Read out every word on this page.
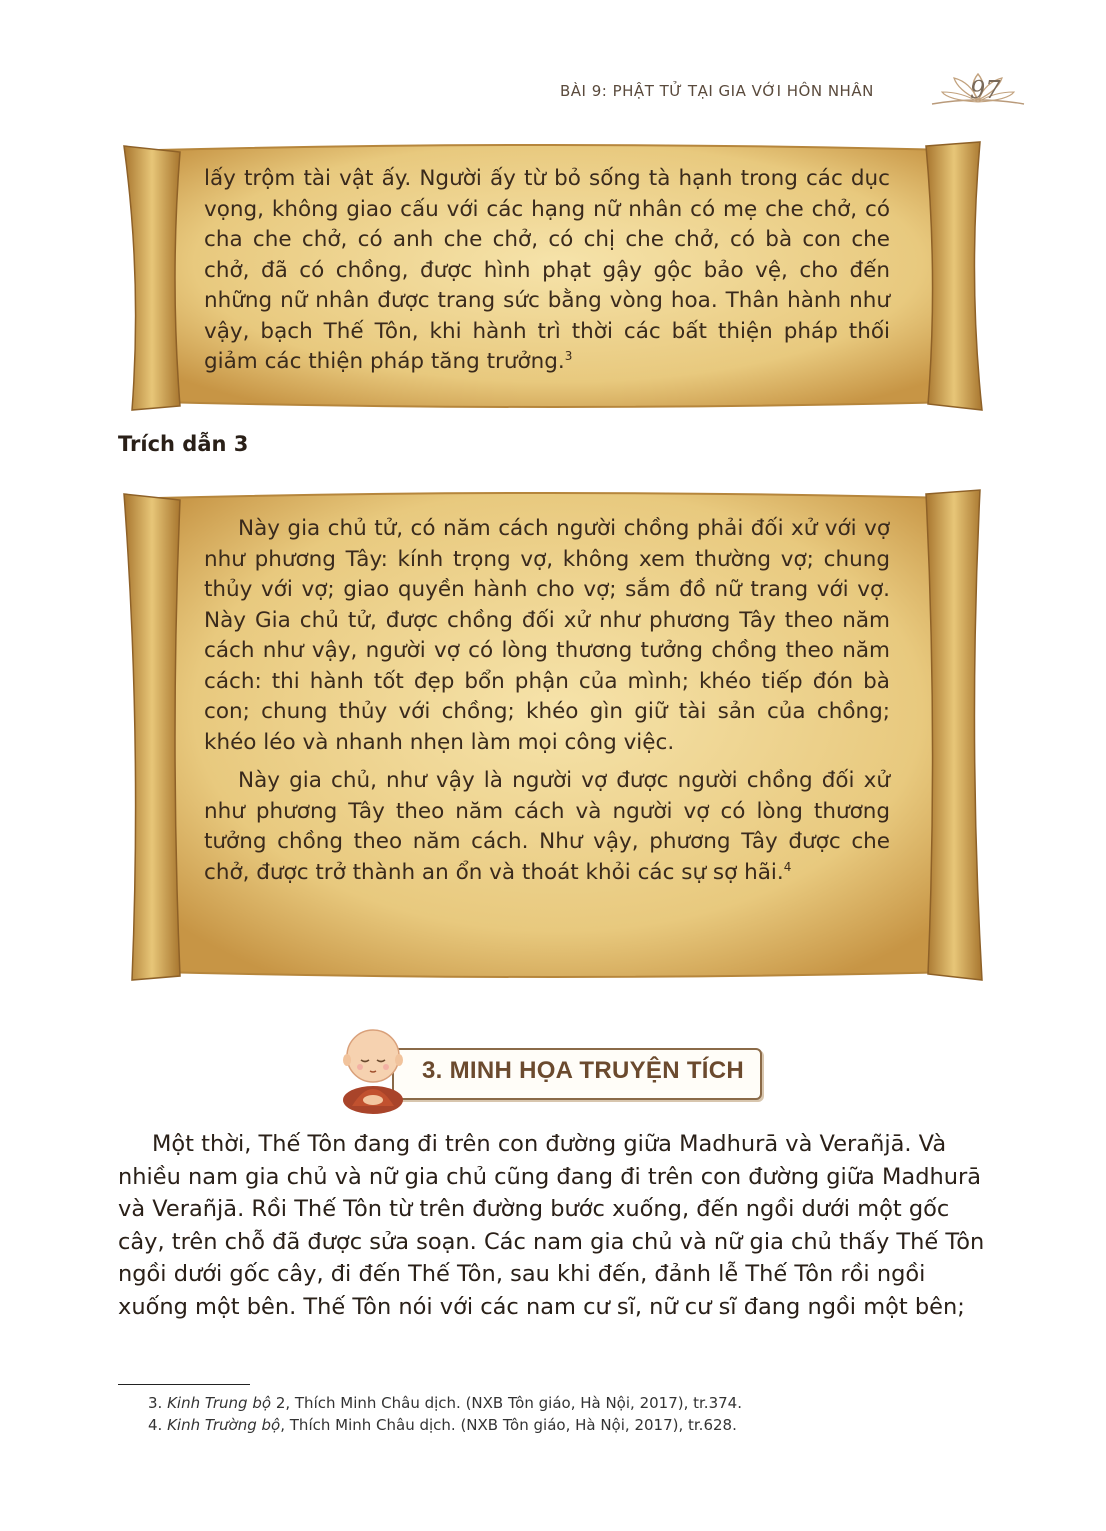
BÀI 9: PHẬT TỬ TẠI GIA VỚI HÔN NHÂN	97

lấy trộm tài vật ấy. Người ấy từ bỏ sống tà hạnh trong các dục vọng, không giao cấu với các hạng nữ nhân có mẹ che chở, có cha che chở, có anh che chở, có chị che chở, có bà con che chở, đã có chồng, được hình phạt gậy gộc bảo vệ, cho đến những nữ nhân được trang sức bằng vòng hoa. Thân hành như vậy, bạch Thế Tôn, khi hành trì thời các bất thiện pháp thối giảm các thiện pháp tăng trưởng.$^3$

Trích dẫn 3

Này gia chủ tử, có năm cách người chồng phải đối xử với vợ như phương Tây: kính trọng vợ, không xem thường vợ; chung thủy với vợ; giao quyền hành cho vợ; sắm đồ nữ trang với vợ. Này Gia chủ tử, được chồng đối xử như phương Tây theo năm cách như vậy, người vợ có lòng thương tưởng chồng theo năm cách: thi hành tốt đẹp bổn phận của mình; khéo tiếp đón bà con; chung thủy với chồng; khéo gìn giữ tài sản của chồng; khéo léo và nhanh nhẹn làm mọi công việc.

Này gia chủ, như vậy là người vợ được người chồng đối xử như phương Tây theo năm cách và người vợ có lòng thương tưởng chồng theo năm cách. Như vậy, phương Tây được che chở, được trở thành an ổn và thoát khỏi các sự sợ hãi.$^4$

3. MINH HỌA TRUYỆN TÍCH

Một thời, Thế Tôn đang đi trên con đường giữa Madhurā và Verañjā. Và nhiều nam gia chủ và nữ gia chủ cũng đang đi trên con đường giữa Madhurā và Verañjā. Rồi Thế Tôn từ trên đường bước xuống, đến ngồi dưới một gốc cây, trên chỗ đã được sửa soạn. Các nam gia chủ và nữ gia chủ thấy Thế Tôn ngồi dưới gốc cây, đi đến Thế Tôn, sau khi đến, đảnh lễ Thế Tôn rồi ngồi xuống một bên. Thế Tôn nói với các nam cư sĩ, nữ cư sĩ đang ngồi một bên;

3. Kinh Trung bộ 2, Thích Minh Châu dịch. (NXB Tôn giáo, Hà Nội, 2017), tr.374.
4. Kinh Trường bộ, Thích Minh Châu dịch. (NXB Tôn giáo, Hà Nội, 2017), tr.628.
